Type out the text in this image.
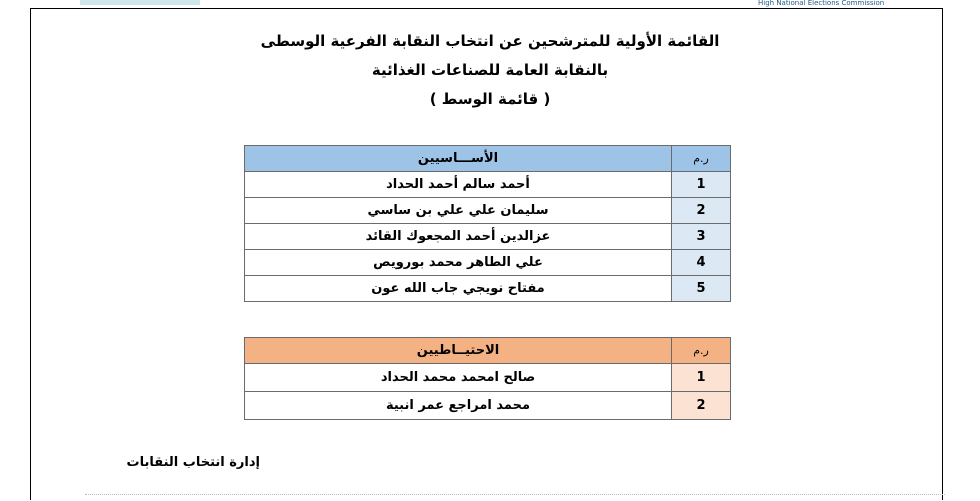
High National Elections Commission
القائمة الأولية للمترشحين عن انتخاب النقابة الفرعية الوسطى
بالنقابة العامة للصناعات الغذائية
( قائمة الوسط )
ر.م	الأســـاسيين
1	أحمد سالم أحمد الحداد
2	سليمان علي علي بن ساسي
3	عزالدين أحمد المجعوك القائد
4	علي الطاهر محمد بورويص
5	مفتاح نويجي جاب الله عون
ر.م	الاحتيــاطيين
1	صالح امحمد محمد الحداد
2	محمد امراجع عمر انبية
إدارة انتخاب النقابات
